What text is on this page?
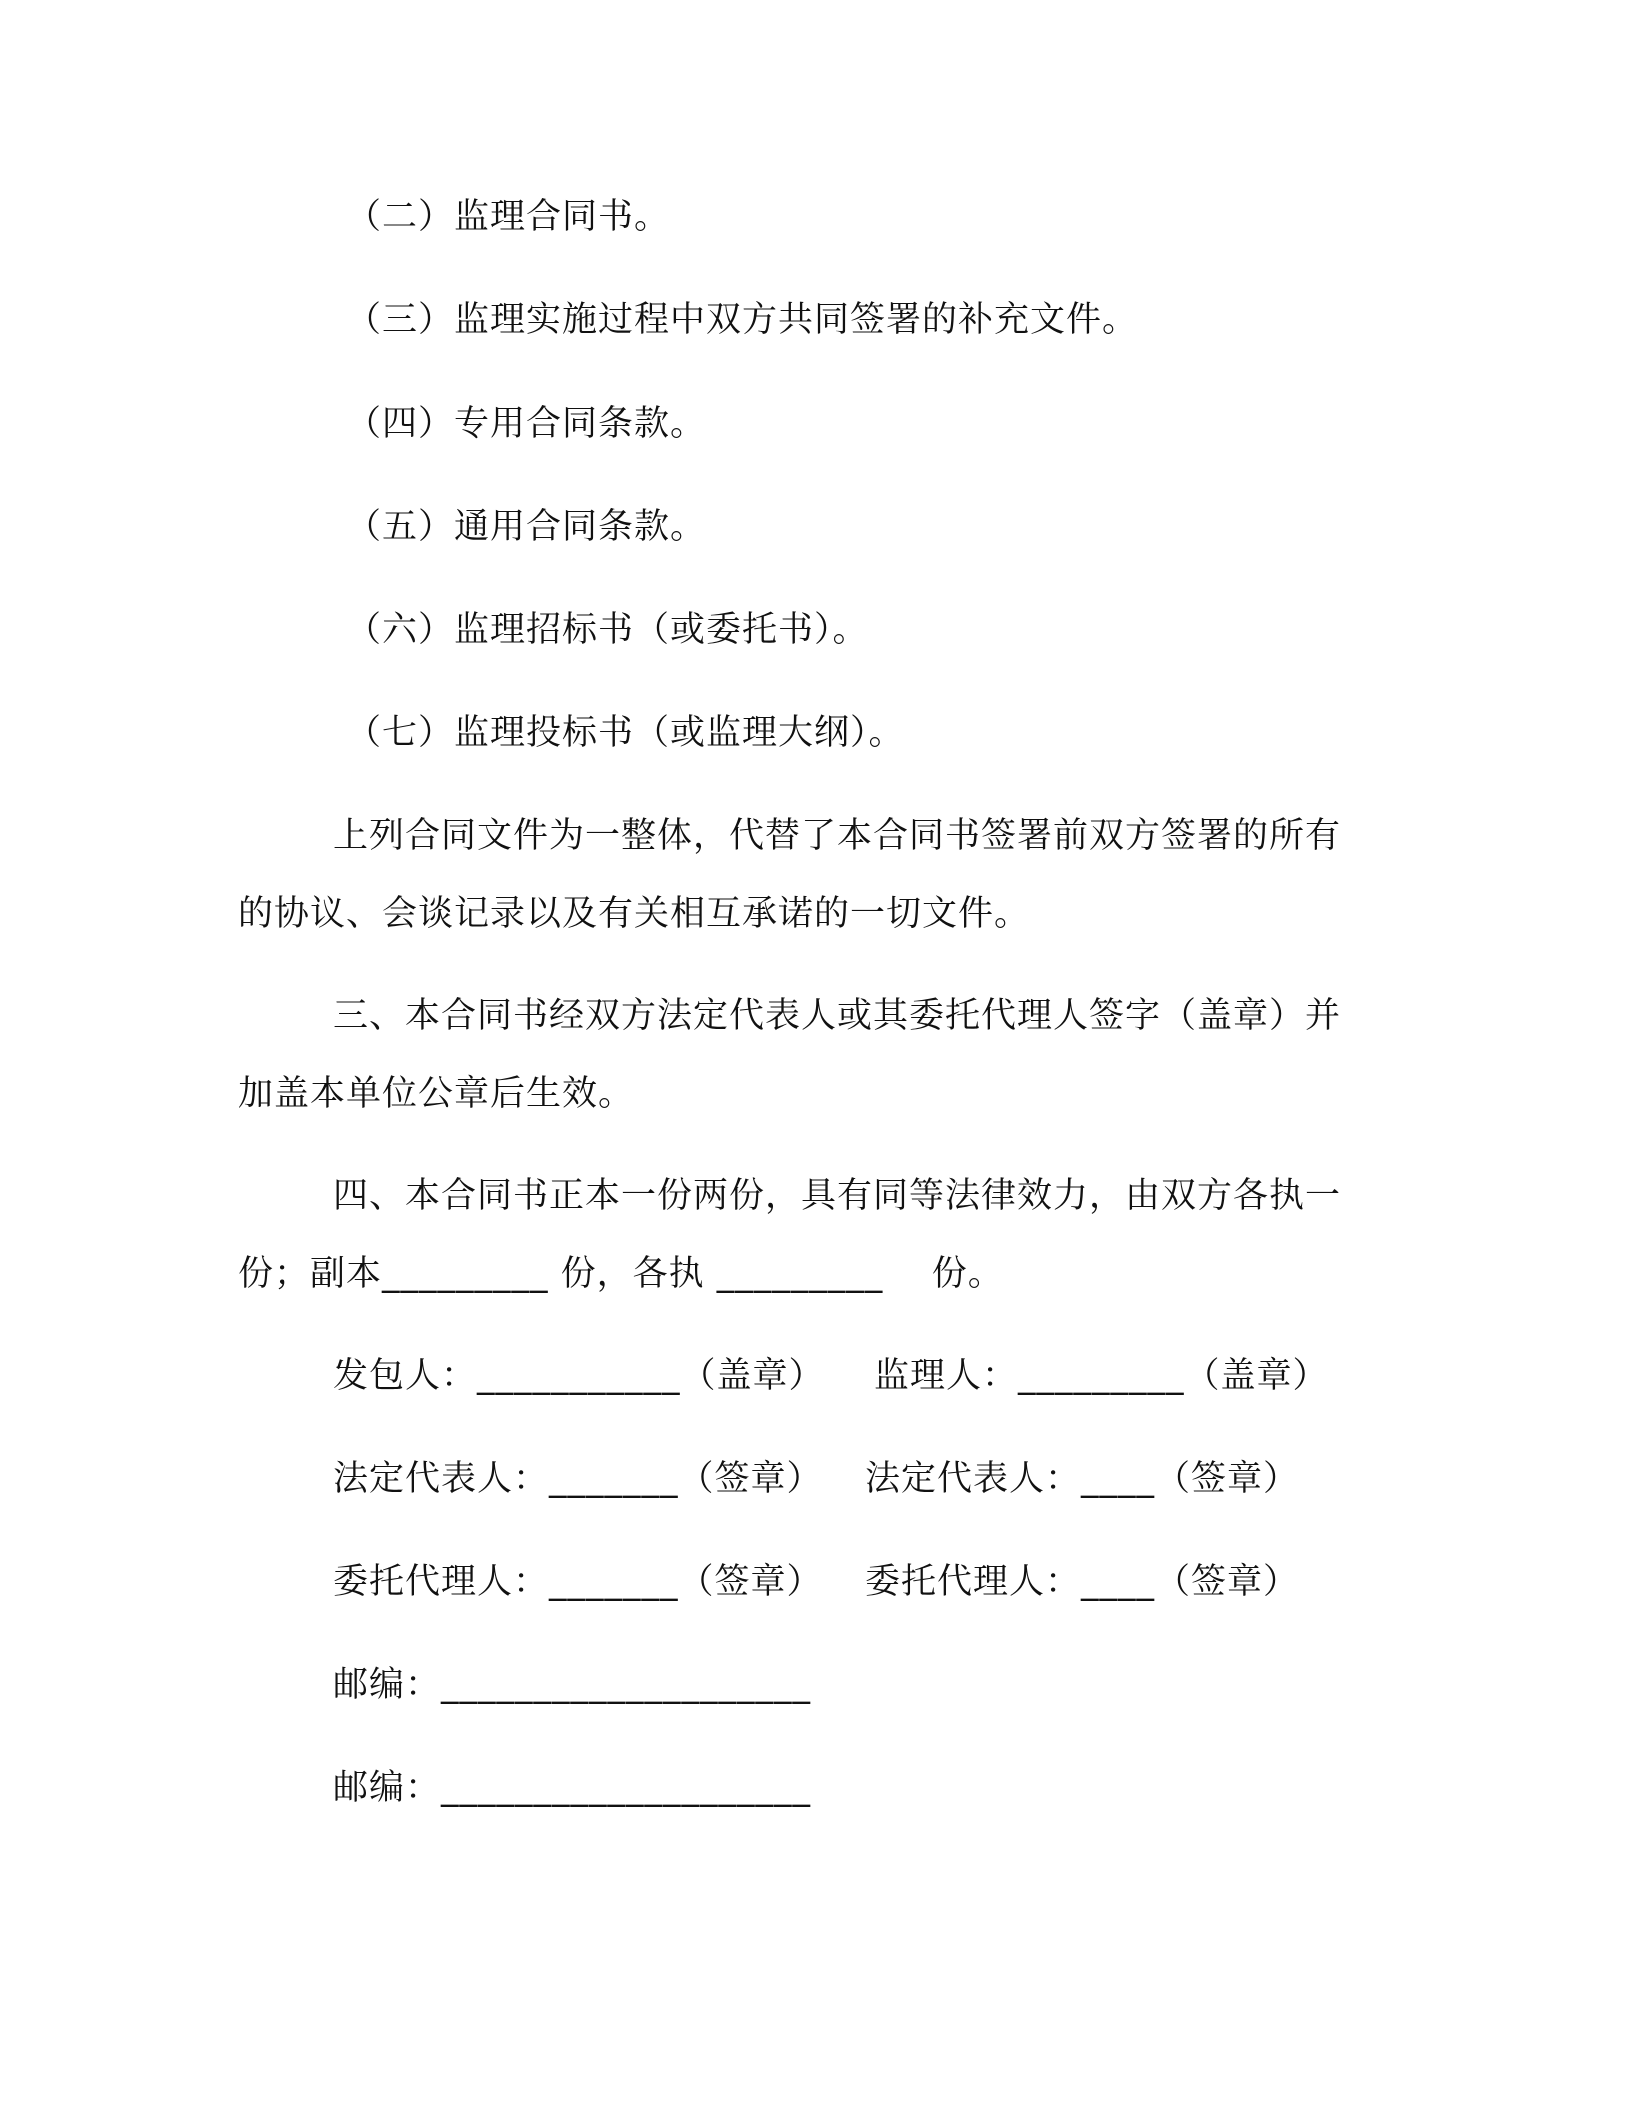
（二）监理合同书。
（三）监理实施过程中双方共同签署的补充文件。
（四）专用合同条款。
（五）通用合同条款。
（六）监理招标书（或委托书）。
（七）监理投标书（或监理大纲）。
上列合同文件为一整体，代替了本合同书签署前双方签署的所有
的协议、会谈记录以及有关相互承诺的一切文件。
三、本合同书经双方法定代表人或其委托代理人签字（盖章）并
加盖本单位公章后生效。
四、本合同书正本一份两份，具有同等法律效力，由双方各执一
份；副本_________ 份，各执 _________    份。
发包人：___________（盖章） 监理人：_________（盖章）
法定代表人：_______（签章） 法定代表人：____（签章）
委托代理人：_______（签章） 委托代理人：____（签章）
邮编：____________________
邮编：____________________
